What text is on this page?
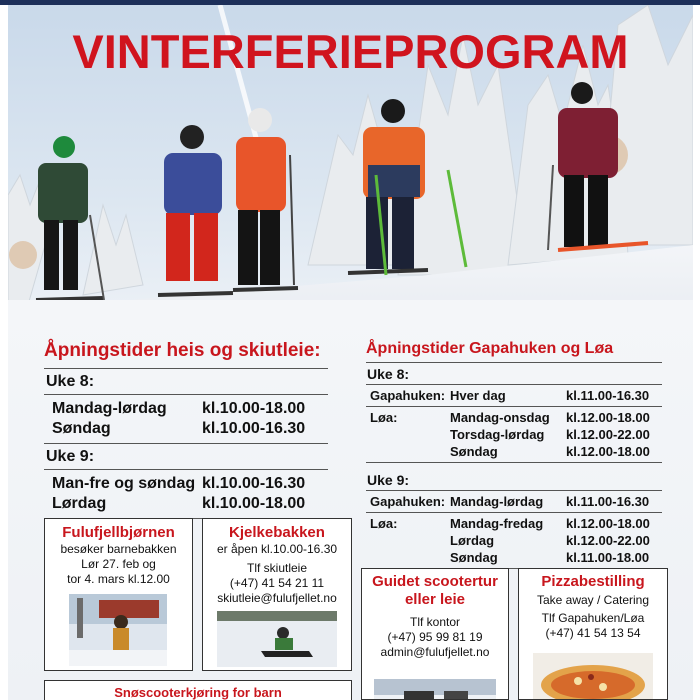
VINTERFERIEPROGRAM
Åpningstider heis og skiutleie:
Uke 8:
Mandag-lørdag	kl.10.00-18.00
Søndag	kl.10.00-16.30
Uke 9:
Man-fre og søndag kl.10.00-16.30
Lørdag	kl.10.00-18.00
Åpningstider Gapahuken og Løa
Uke 8:
Gapahuken: Hver dag	kl.11.00-16.30
Løa:	Mandag-onsdag	kl.12.00-18.00
Torsdag-lørdag	kl.12.00-22.00
Søndag	kl.12.00-18.00
Uke 9:
Gapahuken: Mandag-lørdag	kl.11.00-16.30
Løa:	Mandag-fredag	kl.12.00-18.00
Lørdag	kl.12.00-22.00
Søndag	kl.11.00-18.00
Fulufjellbjørnen
besøker barnebakken
Lør 27. feb og
tor 4. mars kl.12.00
Kjelkebakken
er åpen kl.10.00-16.30
Tlf skiutleie
(+47) 41 54 21 11
skiutleie@fulufjellet.no
Guidet scootertur eller leie
Tlf kontor
(+47) 95 99 81 19
admin@fulufjellet.no
Pizzabestilling
Take away / Catering
Tlf Gapahuken/Løa
(+47) 41 54 13 54
Snøscooterkjøring for barn
